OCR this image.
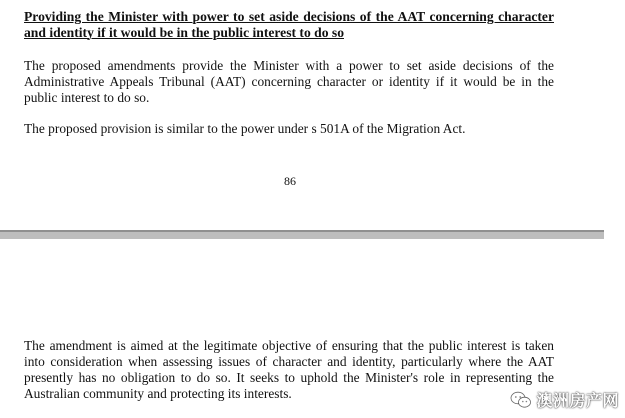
Providing the Minister with power to set aside decisions of the AAT concerning character and identity if it would be in the public interest to do so
The proposed amendments provide the Minister with a power to set aside decisions of the Administrative Appeals Tribunal (AAT) concerning character or identity if it would be in the public interest to do so.
The proposed provision is similar to the power under s 501A of the Migration Act.
86
The amendment is aimed at the legitimate objective of ensuring that the public interest is taken into consideration when assessing issues of character and identity, particularly where the AAT presently has no obligation to do so. It seeks to uphold the Minister's role in representing the Australian community and protecting its interests.	澳洲房产网
